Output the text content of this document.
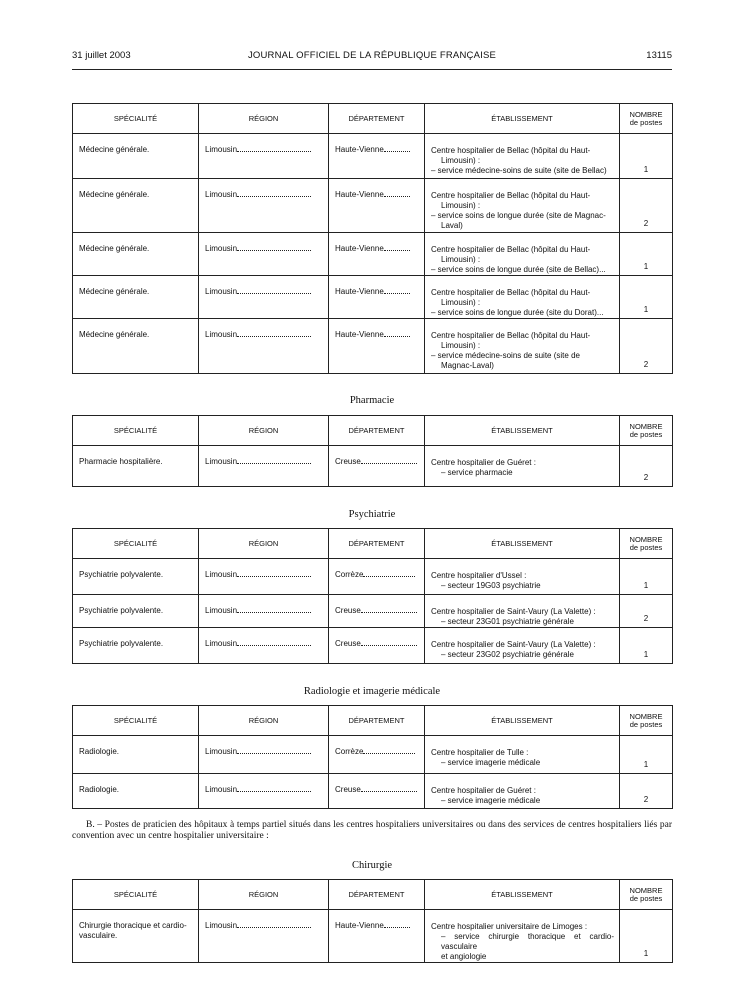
31 juillet 2003	JOURNAL OFFICIEL DE LA RÉPUBLIQUE FRANÇAISE	13115
SPÉCIALITÉ	RÉGION	DÉPARTEMENT	ÉTABLISSEMENT	NOMBRE
de postes

Médecine générale.	Limousin	Haute-Vienne	Centre hospitalier de Bellac (hôpital du Haut-
Limousin) :
– service médecine-soins de suite (site de Bellac)	1

Médecine générale.	Limousin	Haute-Vienne	Centre hospitalier de Bellac (hôpital du Haut-
Limousin) :
– service soins de longue durée (site de Magnac-
Laval)	2

Médecine générale.	Limousin	Haute-Vienne	Centre hospitalier de Bellac (hôpital du Haut-
Limousin) :
– service soins de longue durée (site de Bellac)...	1

Médecine générale.	Limousin	Haute-Vienne	Centre hospitalier de Bellac (hôpital du Haut-
Limousin) :
– service soins de longue durée (site du Dorat)...	1

Médecine générale.	Limousin	Haute-Vienne	Centre hospitalier de Bellac (hôpital du Haut-
Limousin) :
– service médecine-soins de suite (site de
Magnac-Laval)	2
Pharmacie
SPÉCIALITÉ	RÉGION	DÉPARTEMENT	ÉTABLISSEMENT	NOMBRE
de postes

Pharmacie hospitalière.	Limousin	Creuse	Centre hospitalier de Guéret :
– service pharmacie	2
Psychiatrie
SPÉCIALITÉ	RÉGION	DÉPARTEMENT	ÉTABLISSEMENT	NOMBRE
de postes

Psychiatrie polyvalente.	Limousin	Corrèze	Centre hospitalier d'Ussel :
– secteur 19G03 psychiatrie	1

Psychiatrie polyvalente.	Limousin	Creuse	Centre hospitalier de Saint-Vaury (La Valette) :
– secteur 23G01 psychiatrie générale	2

Psychiatrie polyvalente.	Limousin	Creuse	Centre hospitalier de Saint-Vaury (La Valette) :
– secteur 23G02 psychiatrie générale	1
Radiologie et imagerie médicale
SPÉCIALITÉ	RÉGION	DÉPARTEMENT	ÉTABLISSEMENT	NOMBRE
de postes

Radiologie.	Limousin	Corrèze	Centre hospitalier de Tulle :
– service imagerie médicale	1

Radiologie.	Limousin	Creuse	Centre hospitalier de Guéret :
– service imagerie médicale	2
B. – Postes de praticien des hôpitaux à temps partiel situés dans les centres hospitaliers universitaires ou dans des services de centres hospitaliers liés par convention avec un centre hospitalier universitaire :
Chirurgie
SPÉCIALITÉ	RÉGION	DÉPARTEMENT	ÉTABLISSEMENT	NOMBRE
de postes

Chirurgie thoracique et cardio-vasculaire.	Limousin	Haute-Vienne	Centre hospitalier universitaire de Limoges :
– service chirurgie thoracique et cardio-vasculaire
et angiologie	1
